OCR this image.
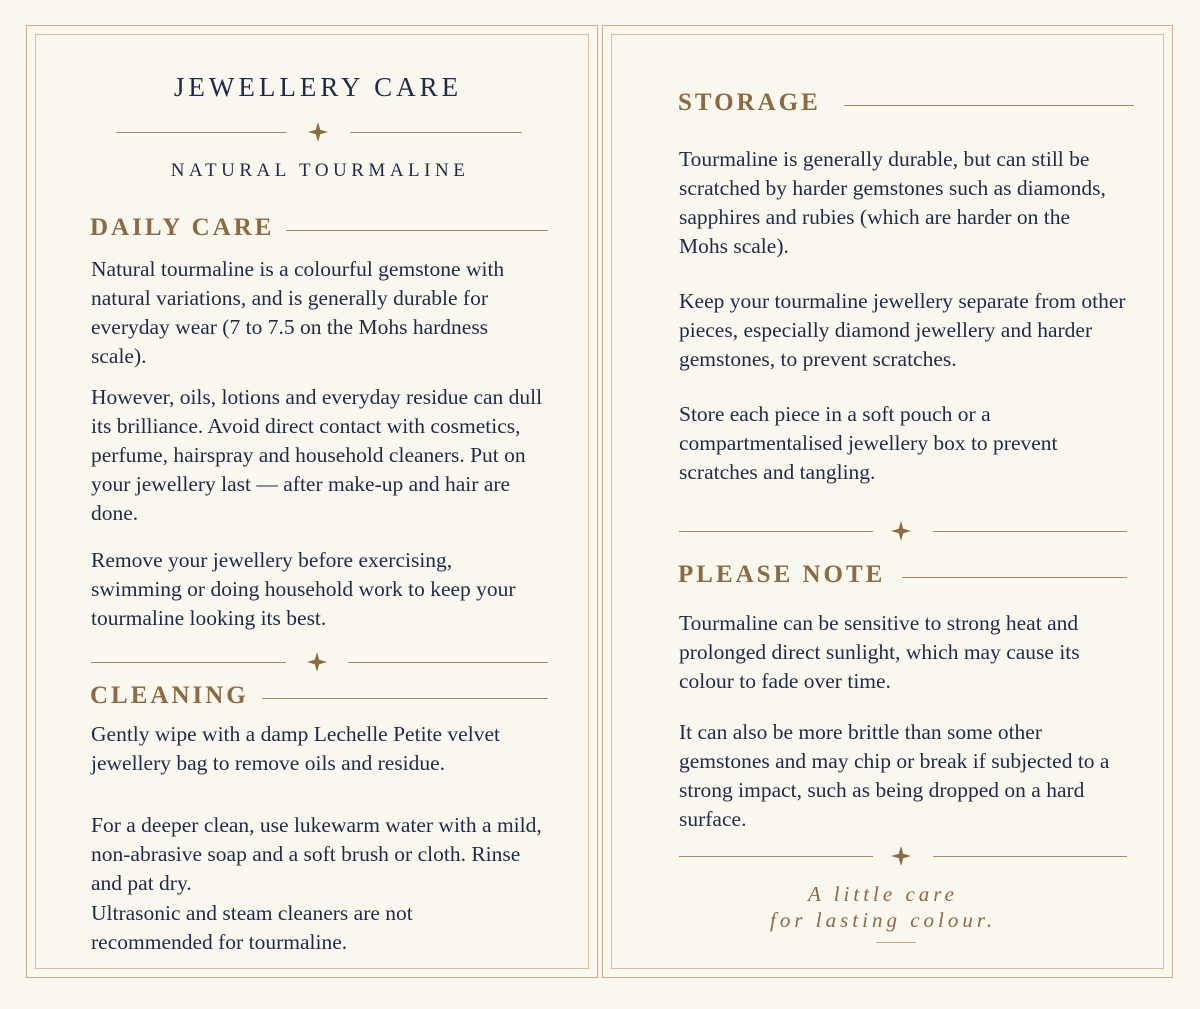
JEWELLERY CARE
NATURAL TOURMALINE
DAILY CARE

Natural tourmaline is a colourful gemstone with natural variations, and is generally durable for everyday wear (7 to 7.5 on the Mohs hardness scale).

However, oils, lotions and everyday residue can dull its brilliance. Avoid direct contact with cosmetics, perfume, hairspray and household cleaners. Put on your jewellery last — after make-up and hair are done.

Remove your jewellery before exercising, swimming or doing household work to keep your tourmaline looking its best.

CLEANING

Gently wipe with a damp Lechelle Petite velvet jewellery bag to remove oils and residue.

For a deeper clean, use lukewarm water with a mild, non-abrasive soap and a soft brush or cloth. Rinse and pat dry.

Ultrasonic and steam cleaners are not recommended for tourmaline.

STORAGE

Tourmaline is generally durable, but can still be scratched by harder gemstones such as diamonds, sapphires and rubies (which are harder on the Mohs scale).

Keep your tourmaline jewellery separate from other pieces, especially diamond jewellery and harder gemstones, to prevent scratches.

Store each piece in a soft pouch or a compartmentalised jewellery box to prevent scratches and tangling.

PLEASE NOTE

Tourmaline can be sensitive to strong heat and prolonged direct sunlight, which may cause its colour to fade over time.

It can also be more brittle than some other gemstones and may chip or break if subjected to a strong impact, such as being dropped on a hard surface.

A little care
for lasting colour.
